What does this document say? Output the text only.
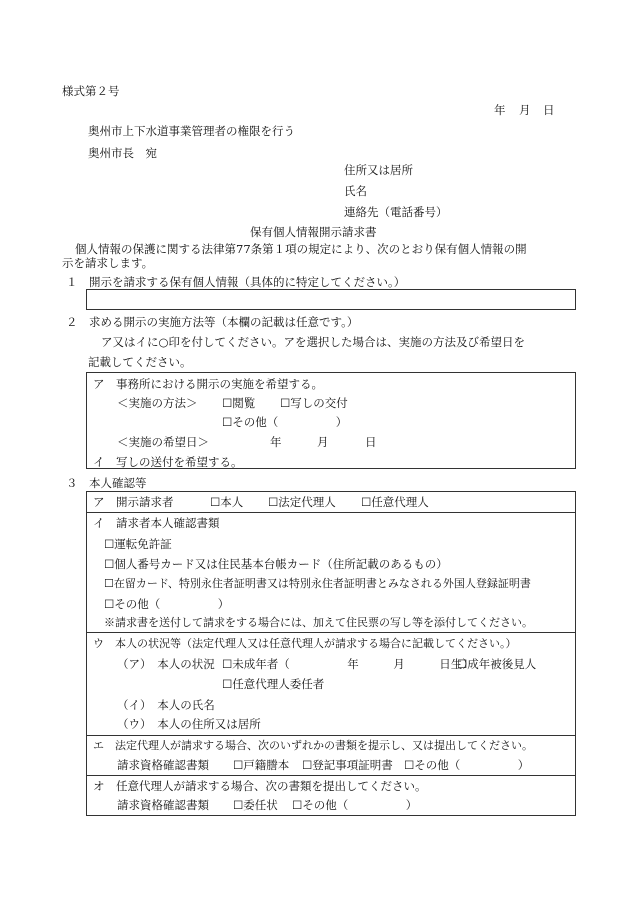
様式第２号
年 月 日
奥州市上下水道事業管理者の権限を行う
奥州市長　宛
住所又は居所
氏名
連絡先（電話番号）
保有個人情報開示請求書
個人情報の保護に関する法律第77条第１項の規定により、次のとおり保有個人情報の開
示を請求します。
１　開示を請求する保有個人情報（具体的に特定してください。）
２　求める開示の実施方法等（本欄の記載は任意です。）
ア又はイに○印を付してください。アを選択した場合は、実施の方法及び希望日を
記載してください。
ア　事務所における開示の実施を希望する。
＜実施の方法＞ ☐閲覧 ☐写しの交付
☐その他（　　　　　）
＜実施の希望日＞	年	月	日
イ　写しの送付を希望する。
３　本人確認等
ア　開示請求者	☐本人 ☐法定代理人 ☐任意代理人
イ　請求者本人確認書類
☐運転免許証
☐個人番号カード又は住民基本台帳カード（住所記載のあるもの）
☐在留カード、特別永住者証明書又は特別永住者証明書とみなされる外国人登録証明書
☐その他（　　　　　）
※請求書を送付して請求をする場合には、加えて住民票の写し等を添付してください。
ウ　本人の状況等（法定代理人又は任意代理人が請求する場合に記載してください。）
（ア）　本人の状況 ☐未成年者（　　　　　年　　　月　　　日生）
☐成年被後見人
☐任意代理人委任者
（イ）　本人の氏名
（ウ）　本人の住所又は居所
エ　法定代理人が請求する場合、次のいずれかの書類を提示し、又は提出してください。
請求資格確認書類 ☐戸籍謄本 ☐登記事項証明書 ☐その他（　　　　　）
オ　任意代理人が請求する場合、次の書類を提出してください。
請求資格確認書類 ☐委任状 ☐その他（　　　　　）
